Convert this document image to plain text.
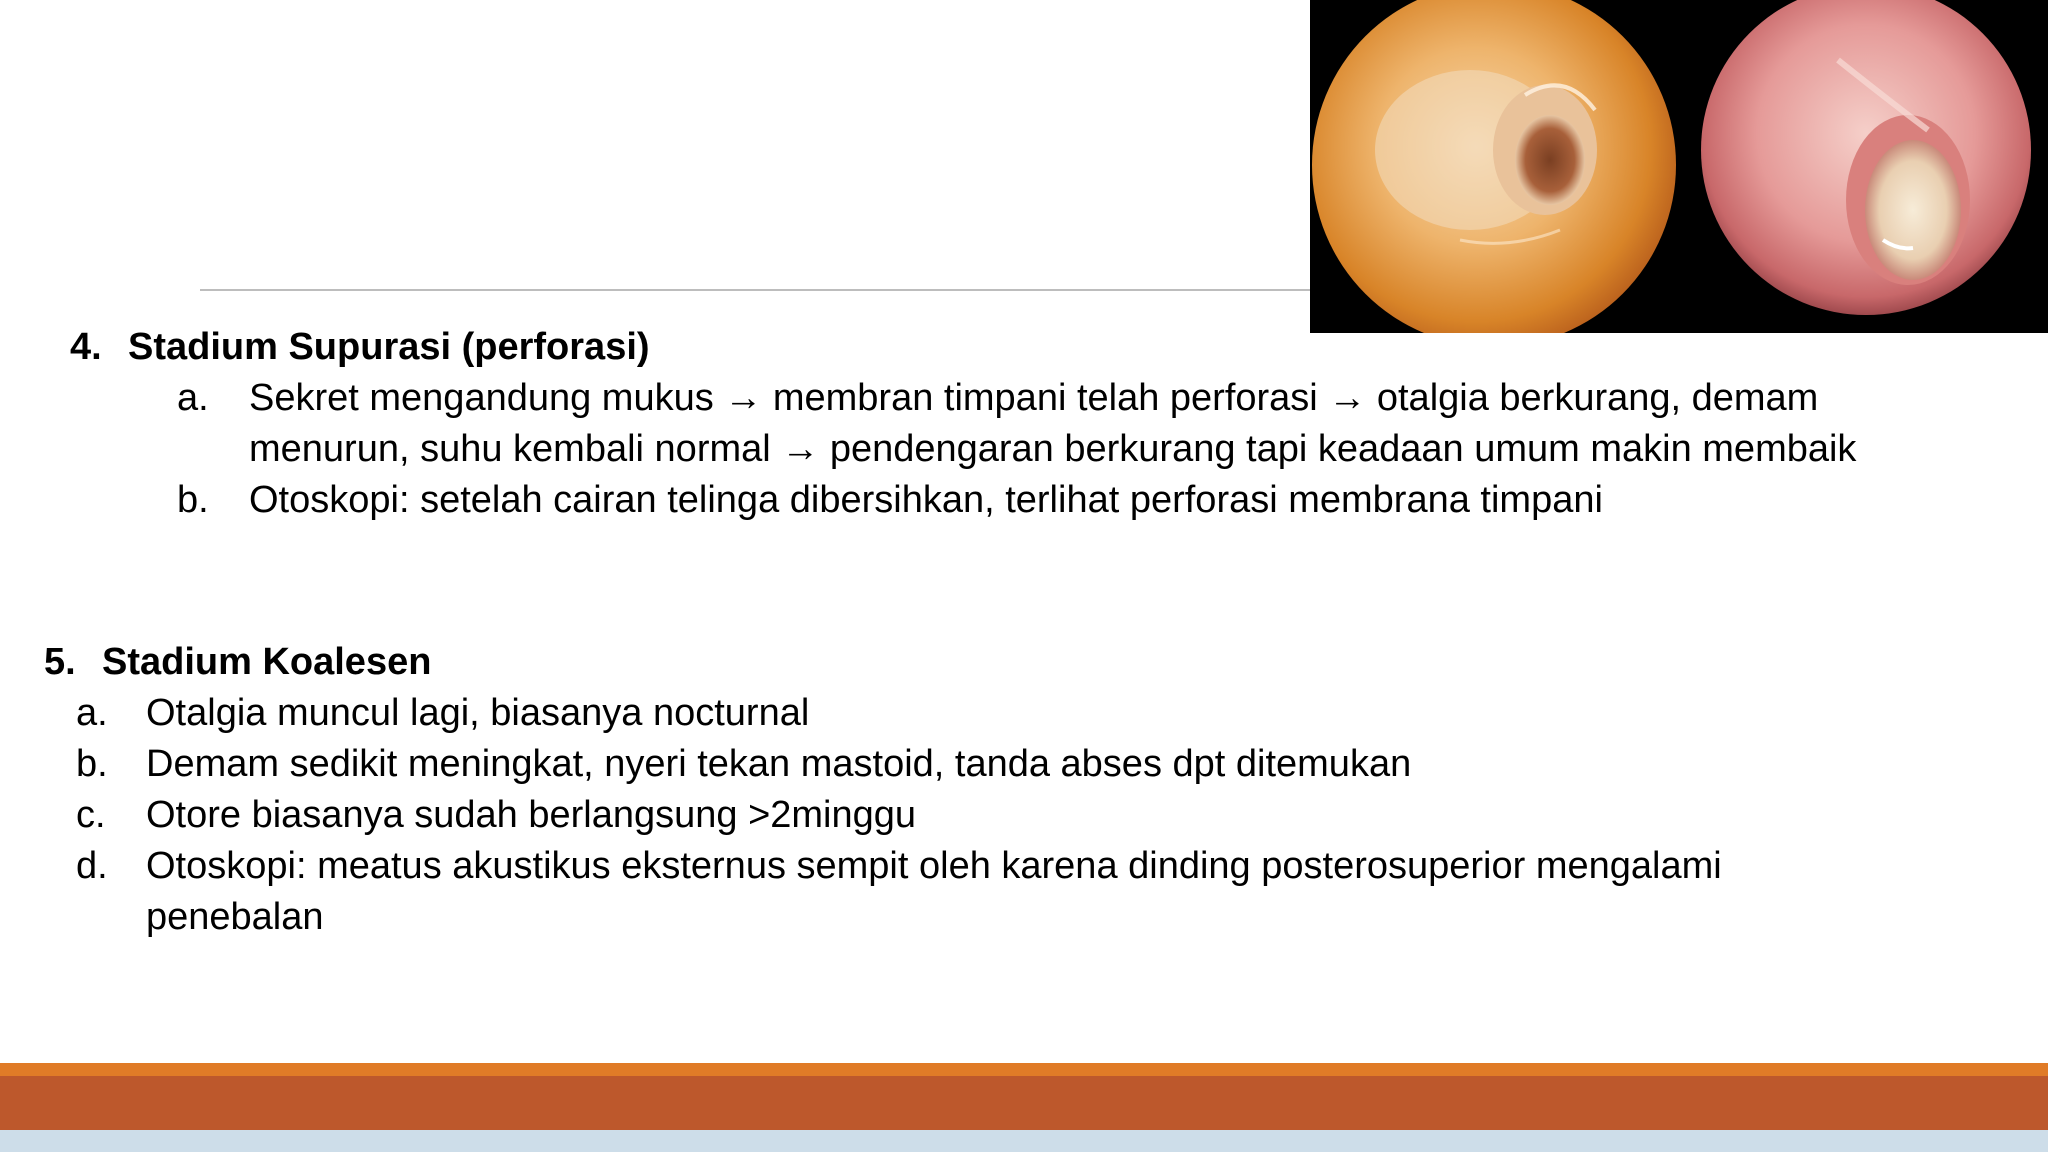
4. Stadium Supurasi (perforasi)
a. Sekret mengandung mukus → membran timpani telah perforasi → otalgia berkurang, demam
menurun, suhu kembali normal → pendengaran berkurang tapi keadaan umum makin membaik
b. Otoskopi: setelah cairan telinga dibersihkan, terlihat perforasi membrana timpani
5. Stadium Koalesen
a. Otalgia muncul lagi, biasanya nocturnal
b. Demam sedikit meningkat, nyeri tekan mastoid, tanda abses dpt ditemukan
c. Otore biasanya sudah berlangsung >2minggu
d. Otoskopi: meatus akustikus eksternus sempit oleh karena dinding posterosuperior mengalami
penebalan
